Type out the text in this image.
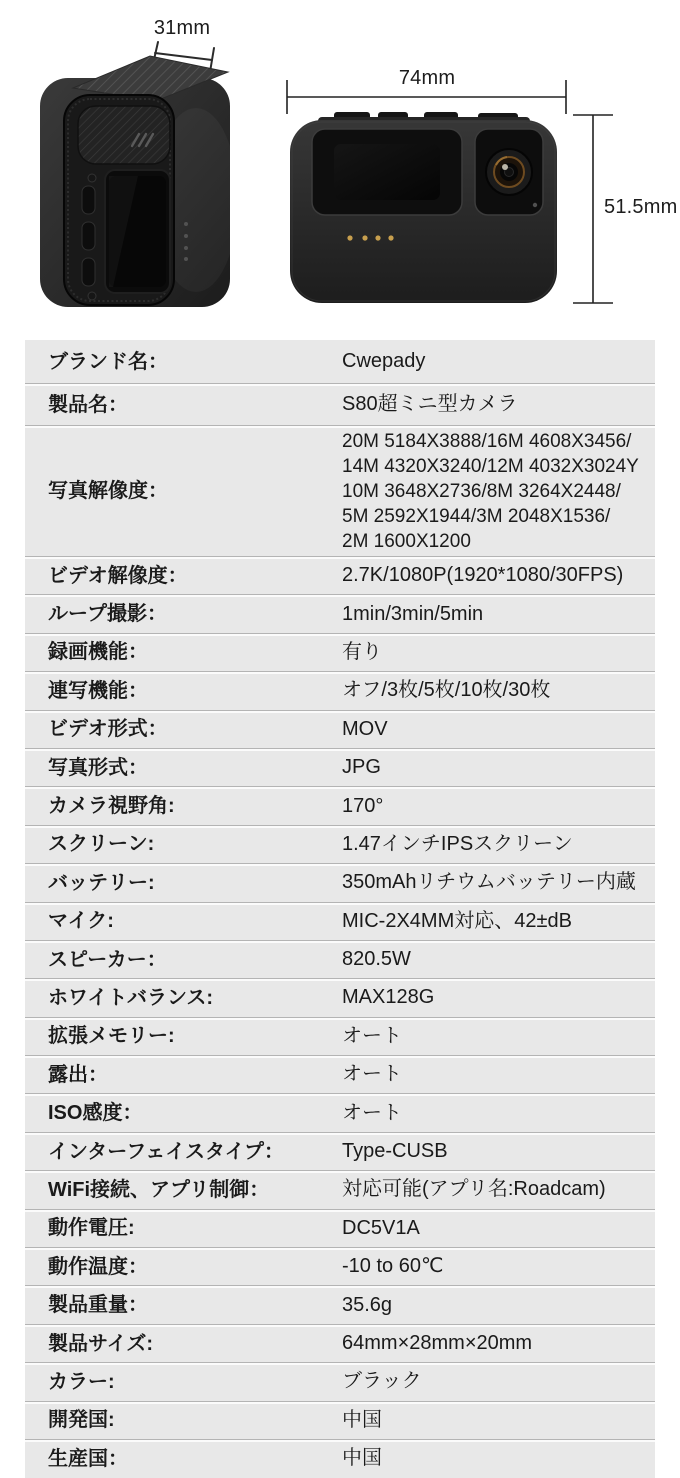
31mm
74mm
51.5mm
ブランド名：	Cwepady
製品名：	S80超ミニ型カメラ
写真解像度：
20M 5184X3888/16M 4608X3456/
14M 4320X3240/12M 4032X3024Y
10M 3648X2736/8M 3264X2448/
5M 2592X1944/3M 2048X1536/
2M 1600X1200
ビデオ解像度：	2.7K/1080P(1920*1080/30FPS)
ループ撮影：	1min/3min/5min
録画機能：	有り
連写機能：	オフ/3枚/5枚/10枚/30枚
ビデオ形式：	MOV
写真形式：	JPG
カメラ視野角:	170°
スクリーン:	1.47インチIPSスクリーン
バッテリー:	350mAhリチウムバッテリー内蔵
マイク:	MIC-2X4MM対応、42±dB
スピーカー：	820.5W
ホワイトバランス:	MAX128G
拡張メモリー:	オート
露出：	オート
ISO感度：	オート
インターフェイスタイプ：	Type-CUSB
WiFi接続、アプリ制御：	対応可能(アプリ名:Roadcam)
動作電圧:	DC5V1A
動作温度：	-10 to 60℃
製品重量：	35.6g
製品サイズ:	64mm×28mm×20mm
カラー:	ブラック
開発国:	中国
生産国：	中国
